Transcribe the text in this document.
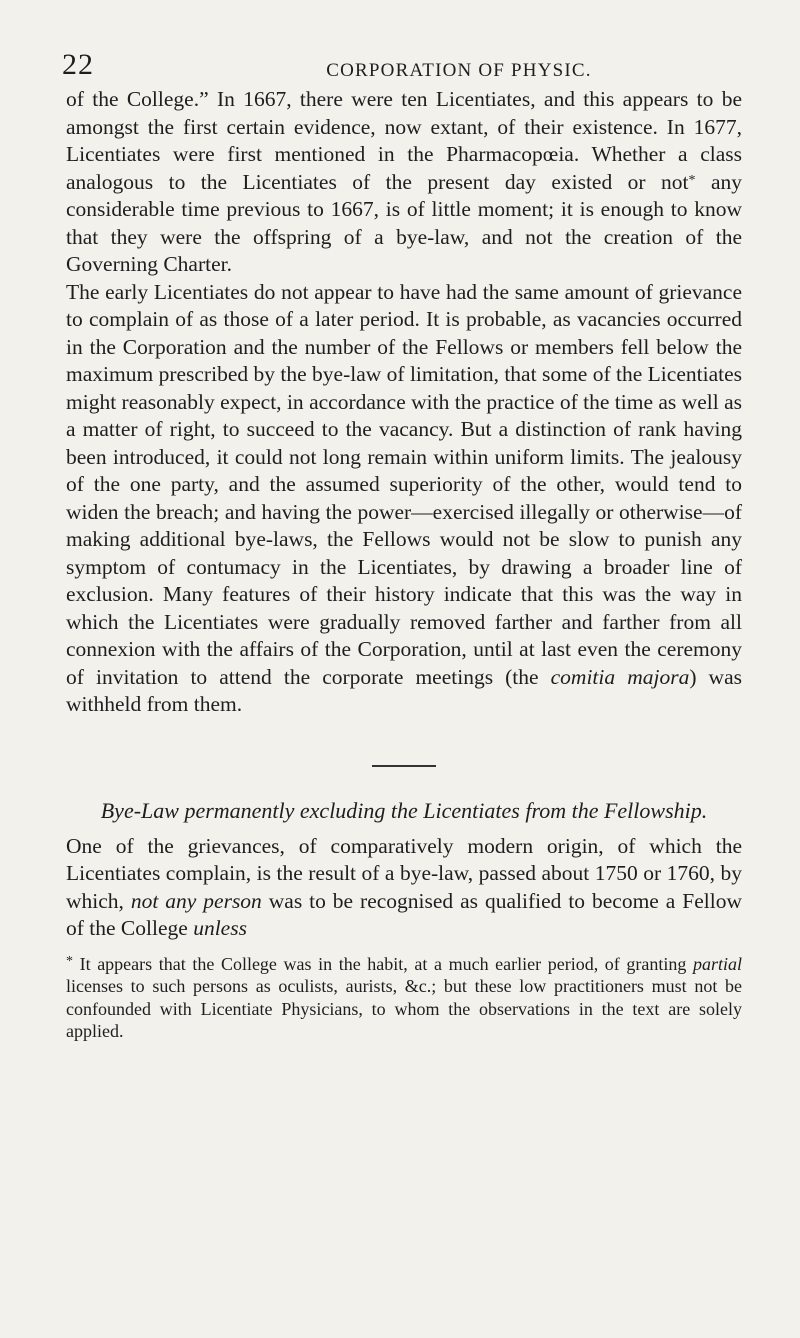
22	CORPORATION OF PHYSIC.

of the College.” In 1667, there were ten Licentiates, and this appears to be amongst the first certain evidence, now extant, of their existence. In 1677, Licentiates were first mentioned in the Pharmacopœia. Whether a class analogous to the Licentiates of the present day existed or not* any considerable time previous to 1667, is of little moment; it is enough to know that they were the offspring of a bye-law, and not the creation of the Governing Charter.

The early Licentiates do not appear to have had the same amount of grievance to complain of as those of a later period. It is probable, as vacancies occurred in the Corporation and the number of the Fellows or members fell below the maximum prescribed by the bye-law of limitation, that some of the Licentiates might reasonably expect, in accordance with the practice of the time as well as a matter of right, to succeed to the vacancy. But a distinction of rank having been introduced, it could not long remain within uniform limits. The jealousy of the one party, and the assumed superiority of the other, would tend to widen the breach; and having the power—exercised illegally or otherwise—of making additional bye-laws, the Fellows would not be slow to punish any symptom of contumacy in the Licentiates, by drawing a broader line of exclusion. Many features of their history indicate that this was the way in which the Licentiates were gradually removed farther and farther from all connexion with the affairs of the Corporation, until at last even the ceremony of invitation to attend the corporate meetings (the comitia majora) was withheld from them.

Bye-Law permanently excluding the Licentiates from the Fellowship.

One of the grievances, of comparatively modern origin, of which the Licentiates complain, is the result of a bye-law, passed about 1750 or 1760, by which, not any person was to be recognised as qualified to become a Fellow of the College unless

* It appears that the College was in the habit, at a much earlier period, of granting partial licenses to such persons as oculists, aurists, &c.; but these low practitioners must not be confounded with Licentiate Physicians, to whom the observations in the text are solely applied.
